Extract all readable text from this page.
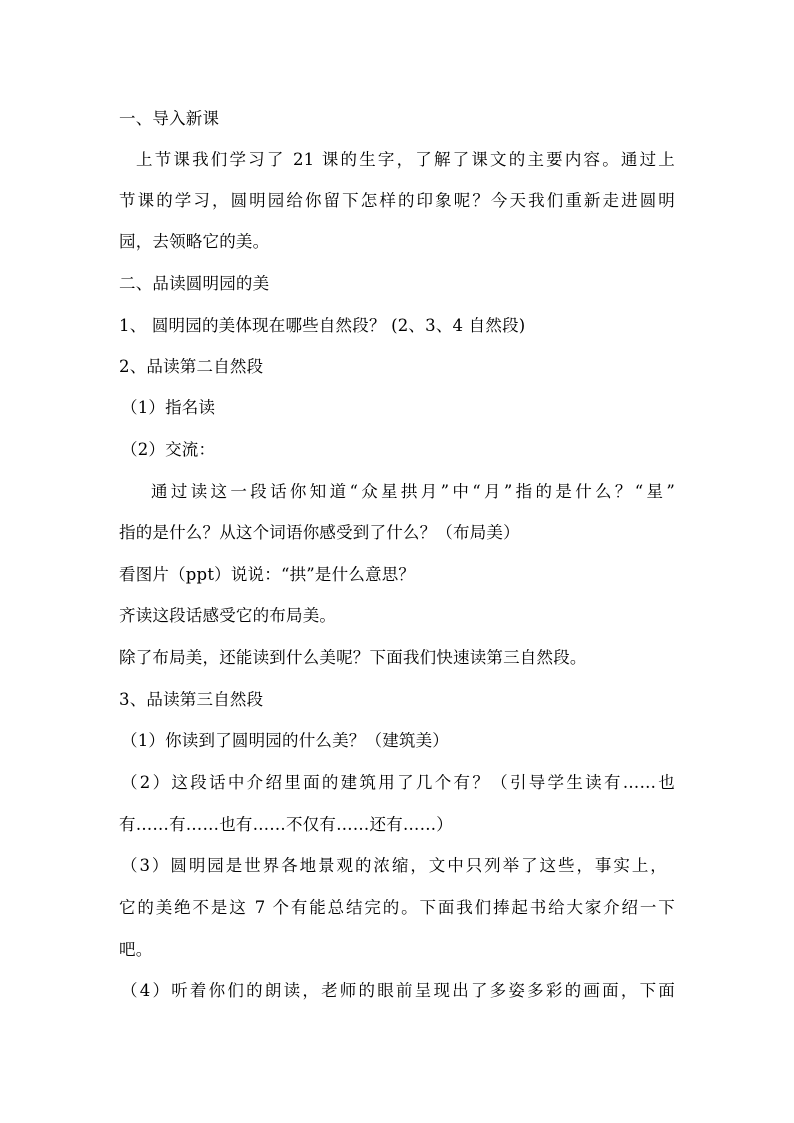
一、导入新课
上节课我们学习了 21 课的生字，了解了课文的主要内容。通过上
节课的学习，圆明园给你留下怎样的印象呢？今天我们重新走进圆明
园，去领略它的美。
二、品读圆明园的美
1、 圆明园的美体现在哪些自然段？ (2、3、4 自然段)
2、品读第二自然段
（1）指名读
（2）交流：
通过读这一段话你知道“众星拱月”中“月”指的是什么？“星”
指的是什么？从这个词语你感受到了什么？（布局美）
看图片（ppt）说说：“拱”是什么意思？
齐读这段话感受它的布局美。
除了布局美，还能读到什么美呢？下面我们快速读第三自然段。
3、品读第三自然段
（1）你读到了圆明园的什么美？（建筑美）
（2）这段话中介绍里面的建筑用了几个有？（引导学生读有……也
有……有……也有……不仅有……还有……）
（3）圆明园是世界各地景观的浓缩，文中只列举了这些，事实上，
它的美绝不是这 7 个有能总结完的。下面我们捧起书给大家介绍一下
吧。
（4）听着你们的朗读，老师的眼前呈现出了多姿多彩的画面，下面
